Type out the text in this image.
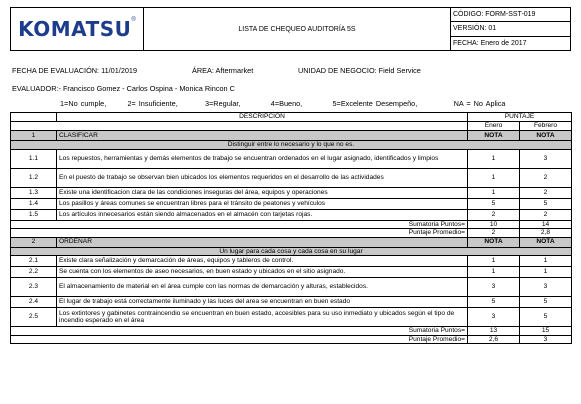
KOMATSU®	LISTA DE CHEQUEO AUDITORÍA 5S	CÓDIGO: FORM-SST-019
VERSIÓN: 01
FECHA: Enero de 2017
FECHA DE EVALUACIÓN: 11/01/2019	ÁREA: Aftermarket	UNIDAD DE NEGOCIO: Field Service
EVALUADOR:- Francisco Gomez - Carlos Ospina - Monica Rincon C
1=No cumple,	2= Insuficiente,	3=Regular,	4=Bueno,	5=Excelente Desempeño,	NA = No Aplica
	DESCRIPCION	PUNTAJE	
		Enero	Febrero
1	CLASIFICAR	NOTA	NOTA
Distinguir entre lo necesario y lo que no es.			
1.1	Los repuestos, herramientas y demás elementos de trabajo se encuentran ordenados en el lugar asignado, identificados y limpios	1	3
1.2	En el puesto de trabajo se observan bien ubicados los elementos requeridos en el desarrollo de las actividades	1	2
1.3	Existe una identificacion clara de las condiciones inseguras del área, equipos y operaciones	1	2
1.4	Los pasillos y áreas comunes se encuentran libres para el tránsito de peatones y vehículos	5	5
1.5	Los artículos innecesarios están siendo almacenados en el almacén con tarjetas rojas.	2	2
Sumatoria Puntos=		10	14
Puntaje Promedio=		2	2,8
2	ORDENAR	NOTA	NOTA
Un lugar para cada cosa y cada cosa en su lugar			
2.1	Existe clara señalización y demarcación de áreas, equipos y tableros de control.	1	1
2.2	Se cuenta con los elementos de aseo necesarios, en buen estado y ubicados en el sitio asignado.	1	1
2.3	El almacenamiento de material en el área cumple con las normas de demarcación y alturas, establecidos.	3	3
2.4	El lugar de trabajo está correctamente iluminado y las luces del area se encuentran en buen estado	5	5
2.5	Los extintores y gabinetes contraincendio se encuentran en buen estado, accesibles para su uso inmediato y ubicados según el tipo de incendio esperado en el área	3	5
Sumatoria Puntos=		13	15
Puntaje Promedio=		2,6	3
